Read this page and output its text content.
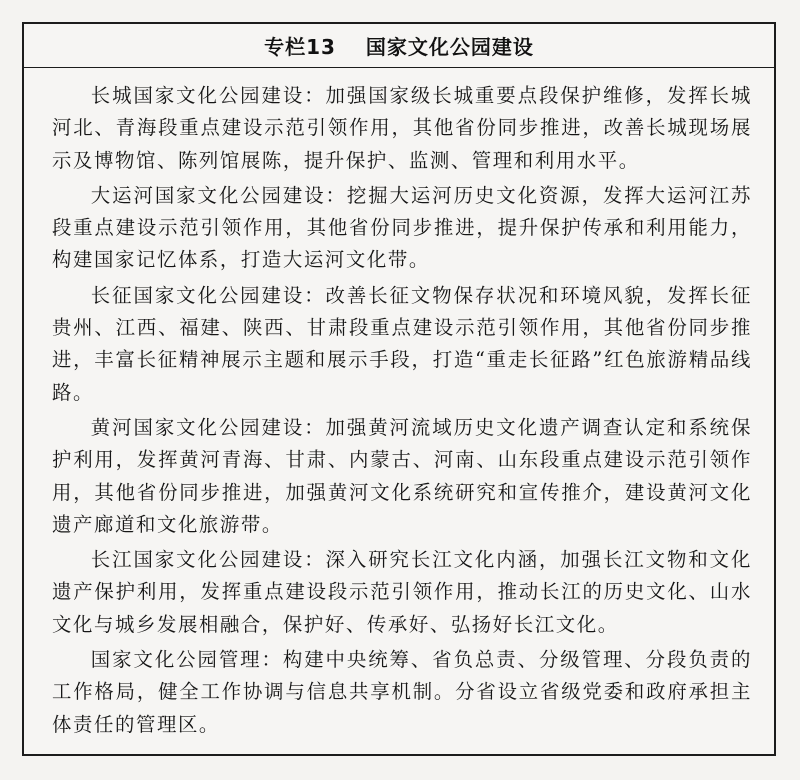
专栏13 国家文化公园建设

长城国家文化公园建设：加强国家级长城重要点段保护维修，发挥长城河北、青海段重点建设示范引领作用，其他省份同步推进，改善长城现场展示及博物馆、陈列馆展陈，提升保护、监测、管理和利用水平。

大运河国家文化公园建设：挖掘大运河历史文化资源，发挥大运河江苏段重点建设示范引领作用，其他省份同步推进，提升保护传承和利用能力，构建国家记忆体系，打造大运河文化带。

长征国家文化公园建设：改善长征文物保存状况和环境风貌，发挥长征贵州、江西、福建、陕西、甘肃段重点建设示范引领作用，其他省份同步推进，丰富长征精神展示主题和展示手段，打造“重走长征路”红色旅游精品线路。

黄河国家文化公园建设：加强黄河流域历史文化遗产调查认定和系统保护利用，发挥黄河青海、甘肃、内蒙古、河南、山东段重点建设示范引领作用，其他省份同步推进，加强黄河文化系统研究和宣传推介，建设黄河文化遗产廊道和文化旅游带。

长江国家文化公园建设：深入研究长江文化内涵，加强长江文物和文化遗产保护利用，发挥重点建设段示范引领作用，推动长江的历史文化、山水文化与城乡发展相融合，保护好、传承好、弘扬好长江文化。

国家文化公园管理：构建中央统筹、省负总责、分级管理、分段负责的工作格局，健全工作协调与信息共享机制。分省设立省级党委和政府承担主体责任的管理区。
